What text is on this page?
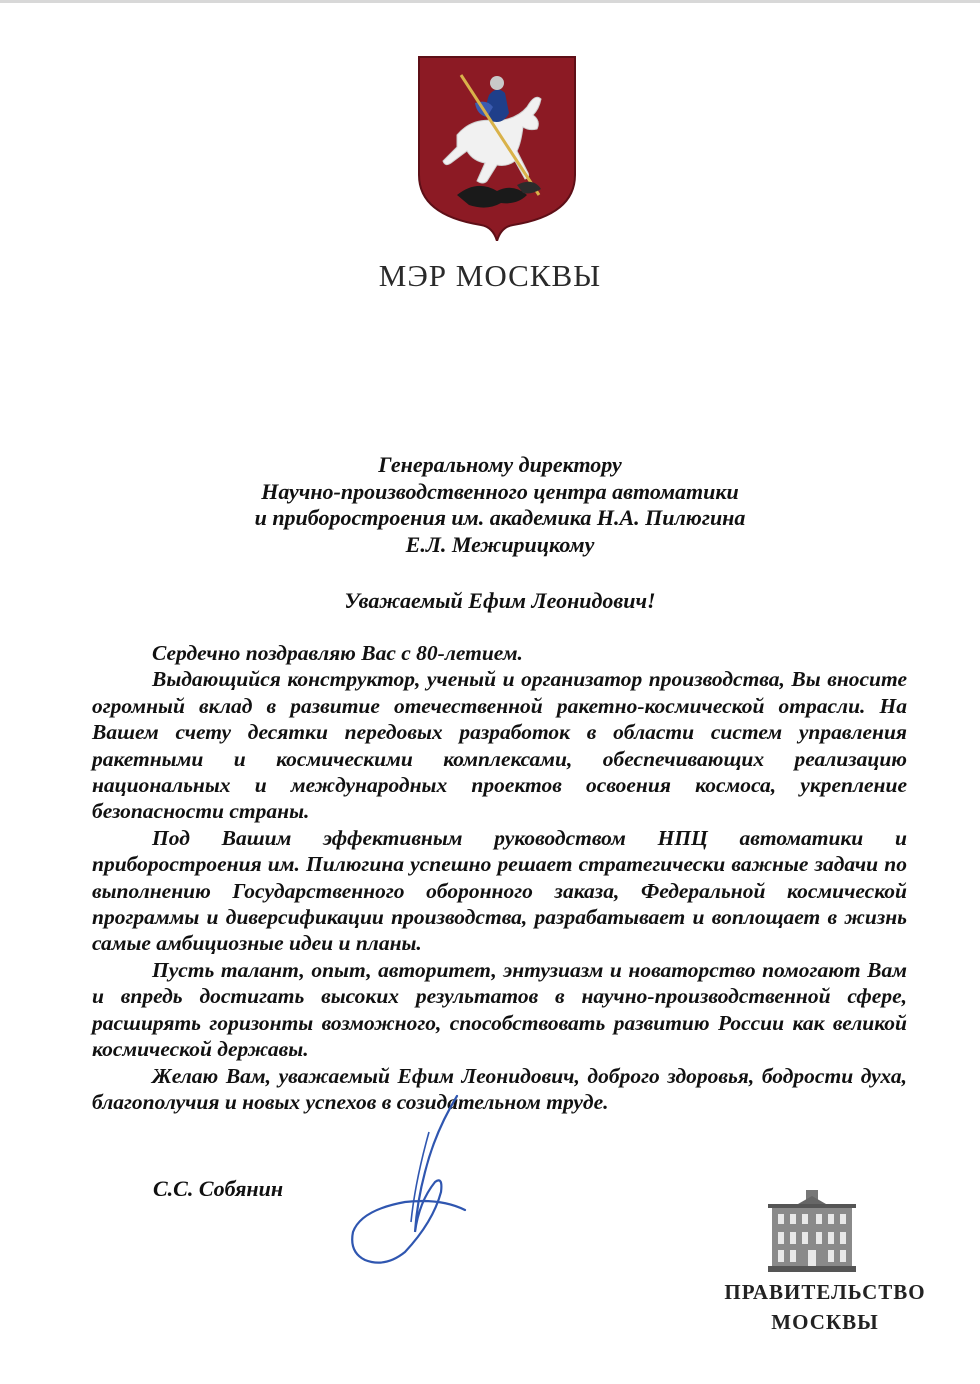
МЭР МОСКВЫ
Генеральному директору
Научно-производственного центра автоматики
и приборостроения им. академика Н.А. Пилюгина
Е.Л. Межирицкому
Уважаемый Ефим Леонидович!

Сердечно поздравляю Вас с 80-летием.

Выдающийся конструктор, ученый и организатор производства, Вы вносите огромный вклад в развитие отечественной ракетно-космической отрасли. На Вашем счету десятки передовых разработок в области систем управления ракетными и космическими комплексами, обеспечивающих реализацию национальных и международных проектов освоения космоса, укрепление безопасности страны.

Под Вашим эффективным руководством НПЦ автоматики и приборостроения им. Пилюгина успешно решает стратегически важные задачи по выполнению Государственного оборонного заказа, Федеральной космической программы и диверсификации производства, разрабатывает и воплощает в жизнь самые амбициозные идеи и планы.

Пусть талант, опыт, авторитет, энтузиазм и новаторство помогают Вам и впредь достигать высоких результатов в научно-производственной сфере, расширять горизонты возможного, способствовать развитию России как великой космической державы.

Желаю Вам, уважаемый Ефим Леонидович, доброго здоровья, бодрости духа, благополучия и новых успехов в созидательном труде.

С.С. Собянин
ПРАВИТЕЛЬСТВО
МОСКВЫ
